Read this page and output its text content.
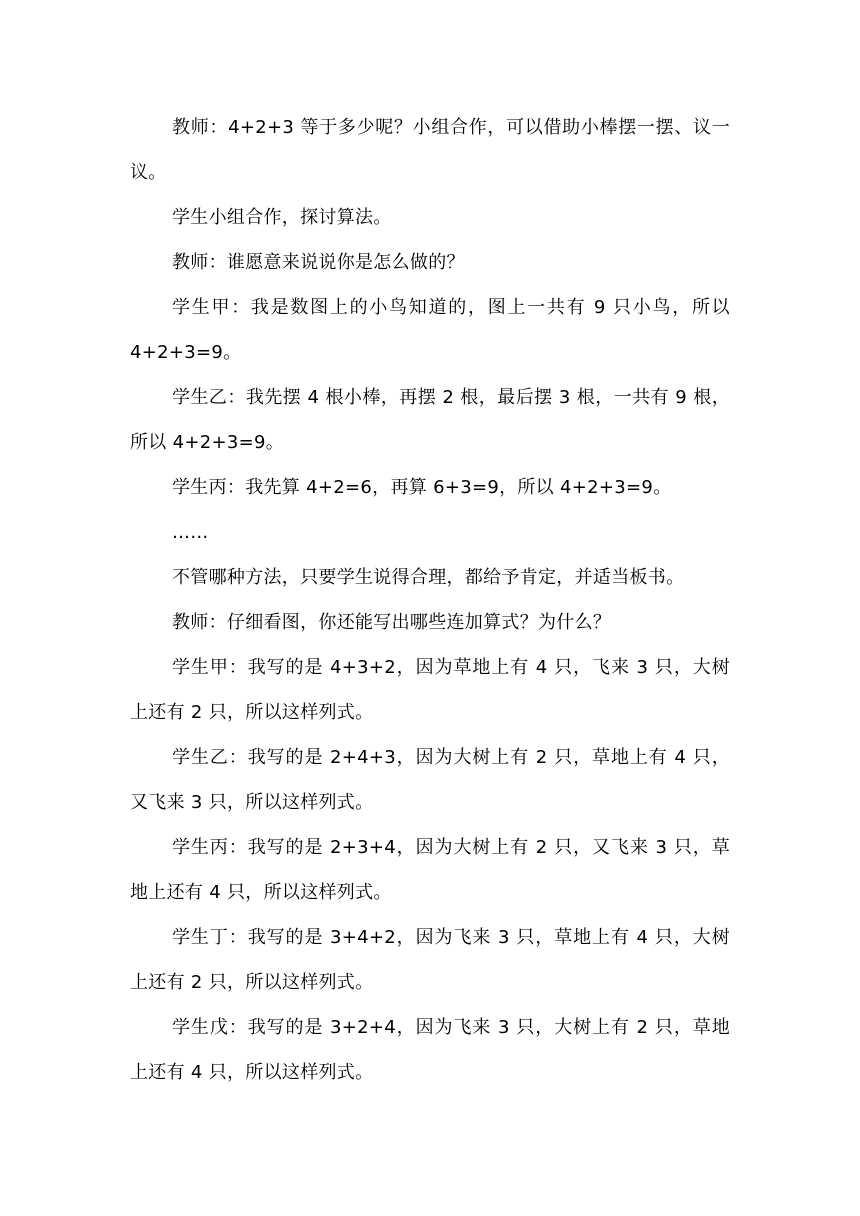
教师：4+2+3 等于多少呢？小组合作，可以借助小棒摆一摆、议一议。

学生小组合作，探讨算法。

教师：谁愿意来说说你是怎么做的？

学生甲：我是数图上的小鸟知道的，图上一共有 9 只小鸟，所以4+2+3=9。

学生乙：我先摆 4 根小棒，再摆 2 根，最后摆 3 根，一共有 9 根，所以 4+2+3=9。

学生丙：我先算 4+2=6，再算 6+3=9，所以 4+2+3=9。

……

不管哪种方法，只要学生说得合理，都给予肯定，并适当板书。

教师：仔细看图，你还能写出哪些连加算式？为什么？

学生甲：我写的是 4+3+2，因为草地上有 4 只，飞来 3 只，大树上还有 2 只，所以这样列式。

学生乙：我写的是 2+4+3，因为大树上有 2 只，草地上有 4 只，又飞来 3 只，所以这样列式。

学生丙：我写的是 2+3+4，因为大树上有 2 只，又飞来 3 只，草地上还有 4 只，所以这样列式。

学生丁：我写的是 3+4+2，因为飞来 3 只，草地上有 4 只，大树上还有 2 只，所以这样列式。

学生戊：我写的是 3+2+4，因为飞来 3 只，大树上有 2 只，草地上还有 4 只，所以这样列式。
